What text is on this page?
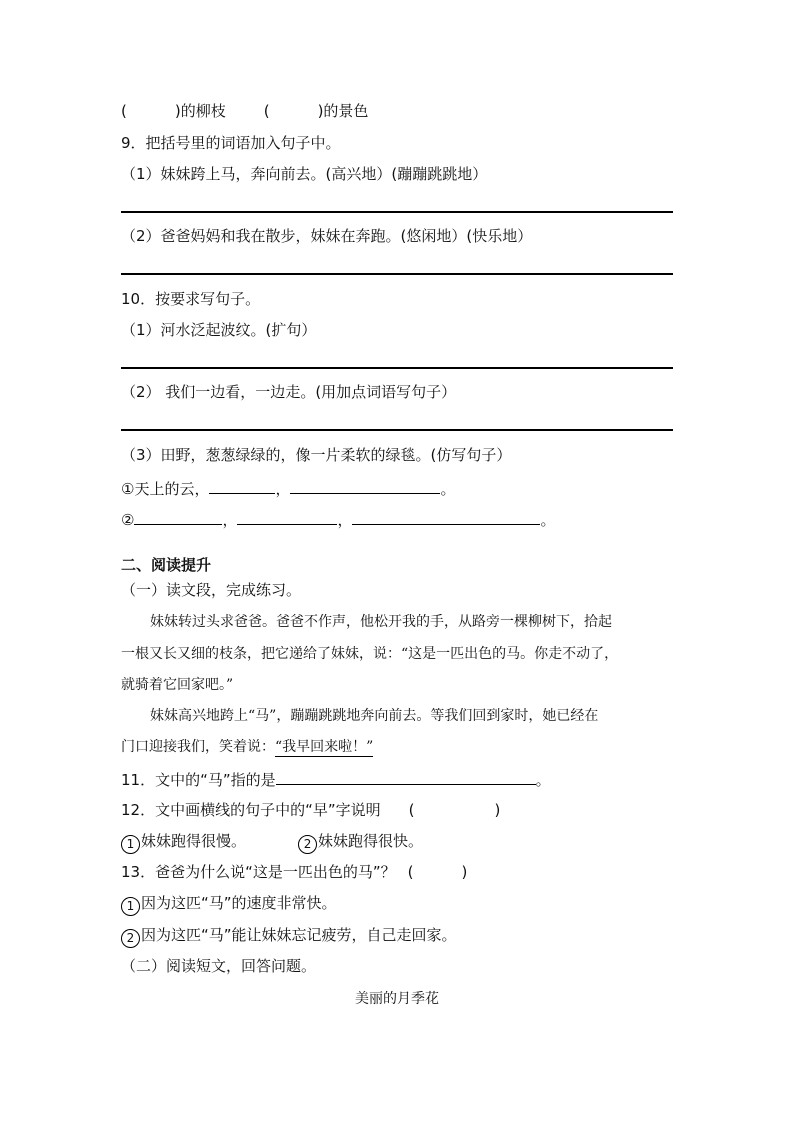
(	)的柳枝	(	)的景色
9．把括号里的词语加入句子中。
（1）妹妹跨上马，奔向前去。(高兴地）(蹦蹦跳跳地）
（2）爸爸妈妈和我在散步，妹妹在奔跑。(悠闲地）(快乐地）
10．按要求写句子。
（1）河水泛起波纹。(扩句）
（2） 我们一边看，一边走。(用加点词语写句子）
（3）田野，葱葱绿绿的，像一片柔软的绿毯。(仿写句子）
①天上的云，	，	。
②	，	，	。
二、阅读提升
（一）读文段，完成练习。
妹妹转过头求爸爸。爸爸不作声，他松开我的手，从路旁一棵柳树下，拾起
一根又长又细的枝条，把它递给了妹妹，说：“这是一匹出色的马。你走不动了，
就骑着它回家吧。”
妹妹高兴地跨上“马”，蹦蹦跳跳地奔向前去。等我们回到家时，她已经在
门口迎接我们，笑着说：“我早回来啦！”
11．文中的“马”指的是	。
12．文中画横线的句子中的“早”字说明 (	)
1 妹妹跑得很慢。	2 妹妹跑得很快。
13．爸爸为什么说“这是一匹出色的马”？ (	)
1 因为这匹“马”的速度非常快。
2 因为这匹“马”能让妹妹忘记疲劳，自己走回家。
（二）阅读短文，回答问题。
美丽的月季花
